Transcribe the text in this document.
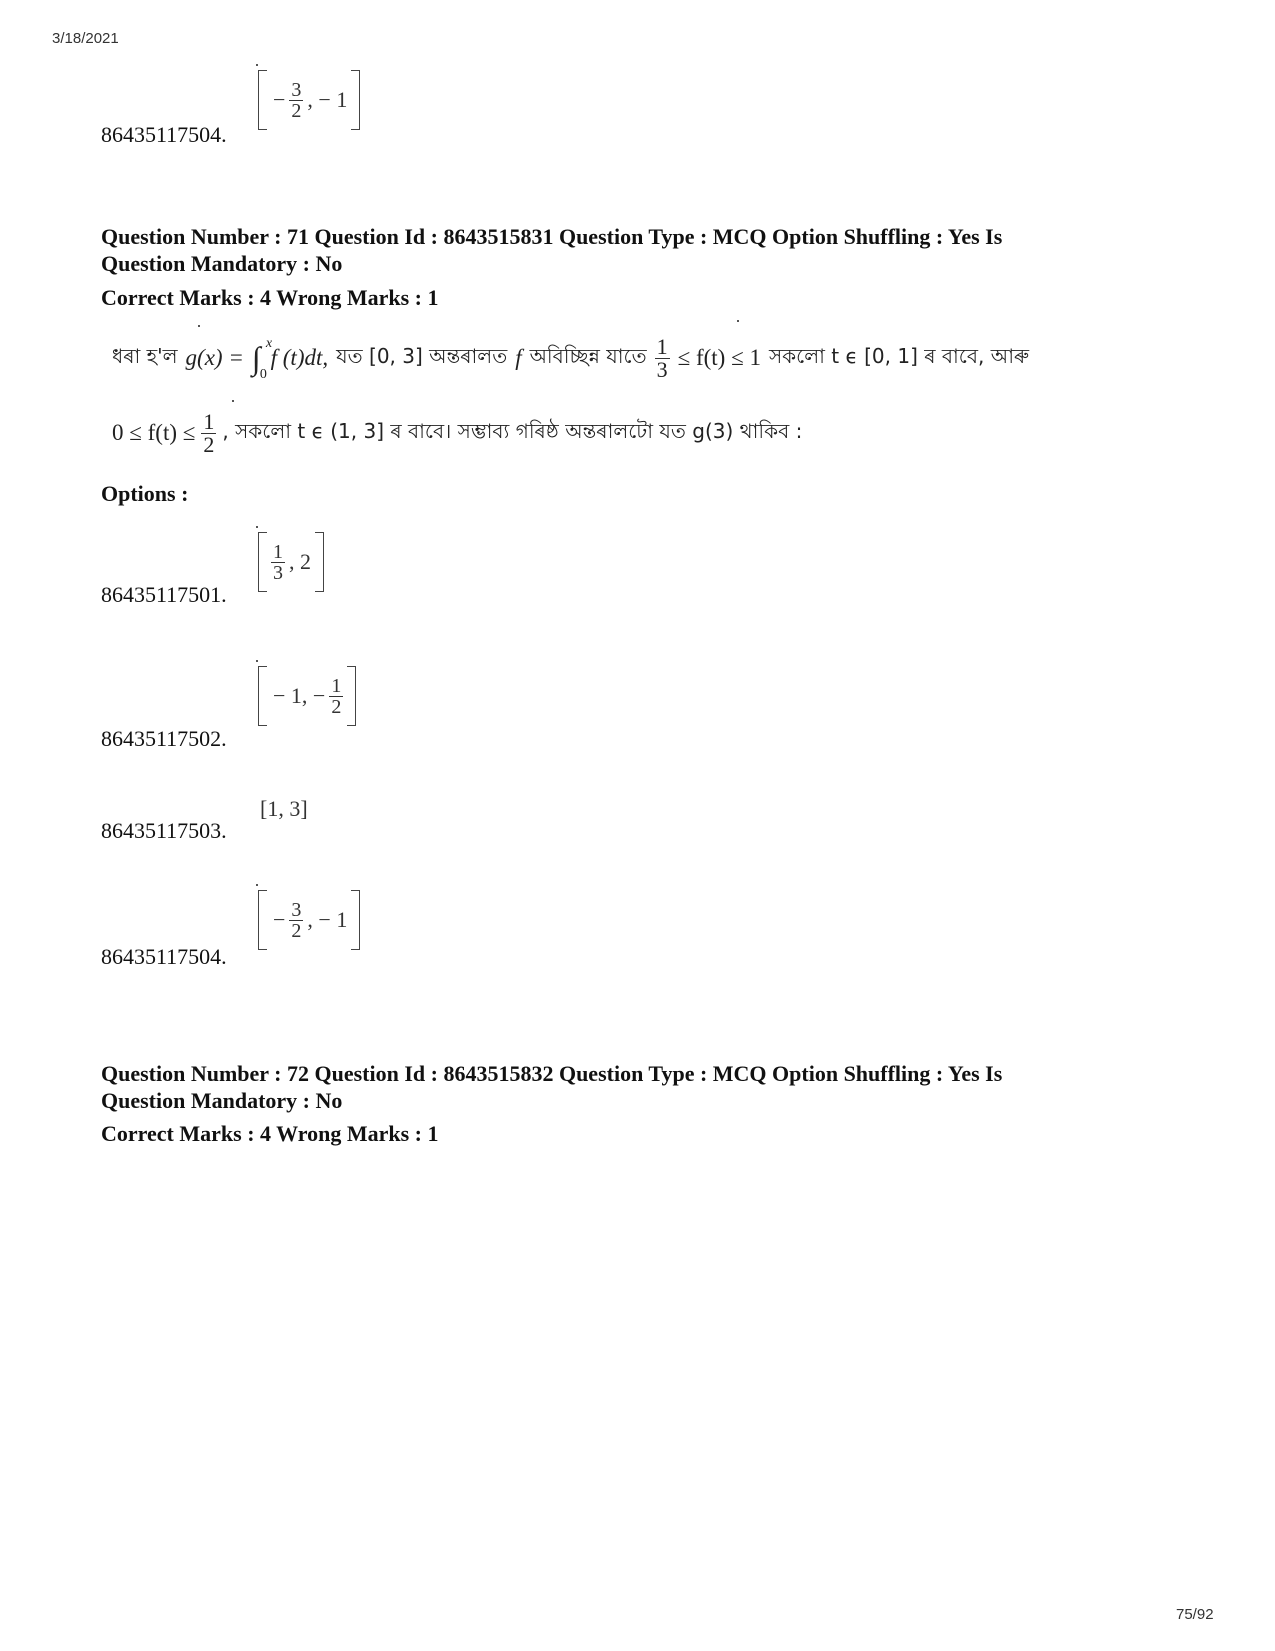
3/18/2021
75/92
− $\frac{3}{2}$ , − 1
86435117504.
Question Number : 71 Question Id : 8643515831 Question Type : MCQ Option Shuffling : Yes Is
Question Mandatory : No
Correct Marks : 4 Wrong Marks : 1
ধৰা হ'ল g(x) = ∫ x
0
f (t)dt, যত [0, 3] অন্তৰালত f অবিচ্ছিন্ন যাতে $\frac{1}{3} \le f(t) \le 1$ সকলো t ϵ [0, 1] ৰ বাবে, আৰু
$0 \le f(t) \le \frac{1}{2}$ , সকলো t ϵ (1, 3] ৰ বাবে। সম্ভাব্য গৰিষ্ঠ অন্তৰালটো যত g(3) থাকিব :
Options :
$\frac{1}{3}$ , 2
86435117501.
− 1, − $\frac{1}{2}$
86435117502.
[1, 3]
86435117503.
− $\frac{3}{2}$ , − 1
86435117504.
Question Number : 72 Question Id : 8643515832 Question Type : MCQ Option Shuffling : Yes Is
Question Mandatory : No
Correct Marks : 4 Wrong Marks : 1
